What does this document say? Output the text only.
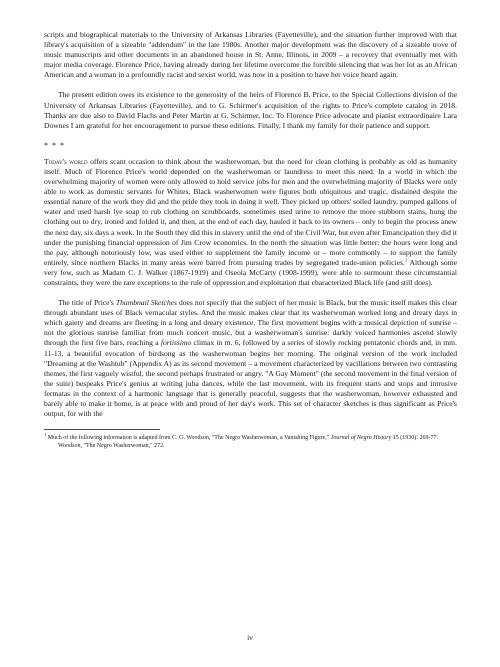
scripts and biographical materials to the University of Arkansas Libraries (Fayetteville), and the situation further improved with that library's acquisition of a sizeable "addendum" in the late 1980s. Another major development was the discovery of a sizeable trove of music manuscripts and other documents in an abandoned house in St. Anne, Illinois, in 2009 – a recovery that eventually met with major media coverage. Florence Price, having already during her lifetime overcome the forcible silencing that was her lot as an African American and a woman in a profoundly racist and sexist world, was now in a position to have her voice heard again.

The present edition owes its existence to the generosity of the heirs of Florence B. Price, to the Special Collections division of the University of Arkansas Libraries (Fayetteville), and to G. Schirmer's acquisition of the rights to Price's complete catalog in 2018. Thanks are due also to David Flachs and Peter Martin at G. Schirmer, Inc. To Florence Price advocate and pianist extraordinaire Lara Downes I am grateful for her encouragement to pursue these editions. Finally, I thank my family for their patience and support.

* * *

Today's world offers scant occasion to think about the washerwoman, but the need for clean clothing is probably as old as humanity itself. Much of Florence Price's world depended on the washerwoman or laundress to meet this need. In a world in which the overwhelming majority of women were only allowed to hold service jobs for men and the overwhelming majority of Blacks were only able to work as domestic servants for Whites, Black washerwomen were figures both ubiquitous and tragic, disdained despite the essential nature of the work they did and the pride they took in doing it well. They picked up others' soiled laundry, pumped gallons of water and used harsh lye soap to rub clothing on scrubboards, sometimes used urine to remove the more stubborn stains, hung the clothing out to dry, ironed and folded it, and then, at the end of each day, hauled it back to its owners – only to begin the process anew the next day, six days a week. In the South they did this in slavery until the end of the Civil War, but even after Emancipation they did it under the punishing financial oppression of Jim Crow economics. In the north the situation was little better: the hours were long and the pay, although notoriously low, was used either to supplement the family income or – more commonly – to support the family entirely, since northern Blacks in many areas were barred from pursuing trades by segregated trade-union policies.$^1$ Although some very few, such as Madam C. J. Walker (1867-1919) and Oseola McCarty (1908-1999), were able to surmount these circumstantial constraints, they were the rare exceptions to the rule of oppression and exploitation that characterized Black life (and still does).

The title of Price's Thumbnail Sketches does not specify that the subject of her music is Black, but the music itself makes this clear through abundant uses of Black vernacular styles. And the music makes clear that its washerwoman worked long and dreary days in which gaiety and dreams are fleeting in a long and dreary existence. The first movement begins with a musical depiction of sunrise – not the glorious sunrise familiar from much concert music, but a washerwoman's sunrise: darkly voiced harmonies ascend slowly through the first five bars, reaching a fortissimo climax in m. 6, followed by a series of slowly rocking pentatonic chords and, in mm. 11-13, a beautiful evocation of birdsong as the washerwoman begins her morning. The original version of the work included "Dreaming at the Washtub" (Appendix A) as its second movement – a movement characterized by vacillations between two contrasting themes, the first vaguely wistful, the second perhaps frustrated or angry. "A Gay Moment" (the second movement in the final version of the suite) bespeaks Price's genius at writing juba dances, while the last movement, with its frequent starts and stops and intrusive fermatas in the context of a harmonic language that is generally peaceful, suggests that the washerwoman, however exhausted and barely able to make it home, is at peace with and proud of her day's work. This set of character sketches is thus significant as Price's output, for with the

$^1$ Much of the following information is adapted from C. G. Woodson, "The Negro Washerwoman, a Vanishing Figure," Journal of Negro History 15 (1930): 269-77.

Woodson, "The Negro Washerwoman," 272.

iv
